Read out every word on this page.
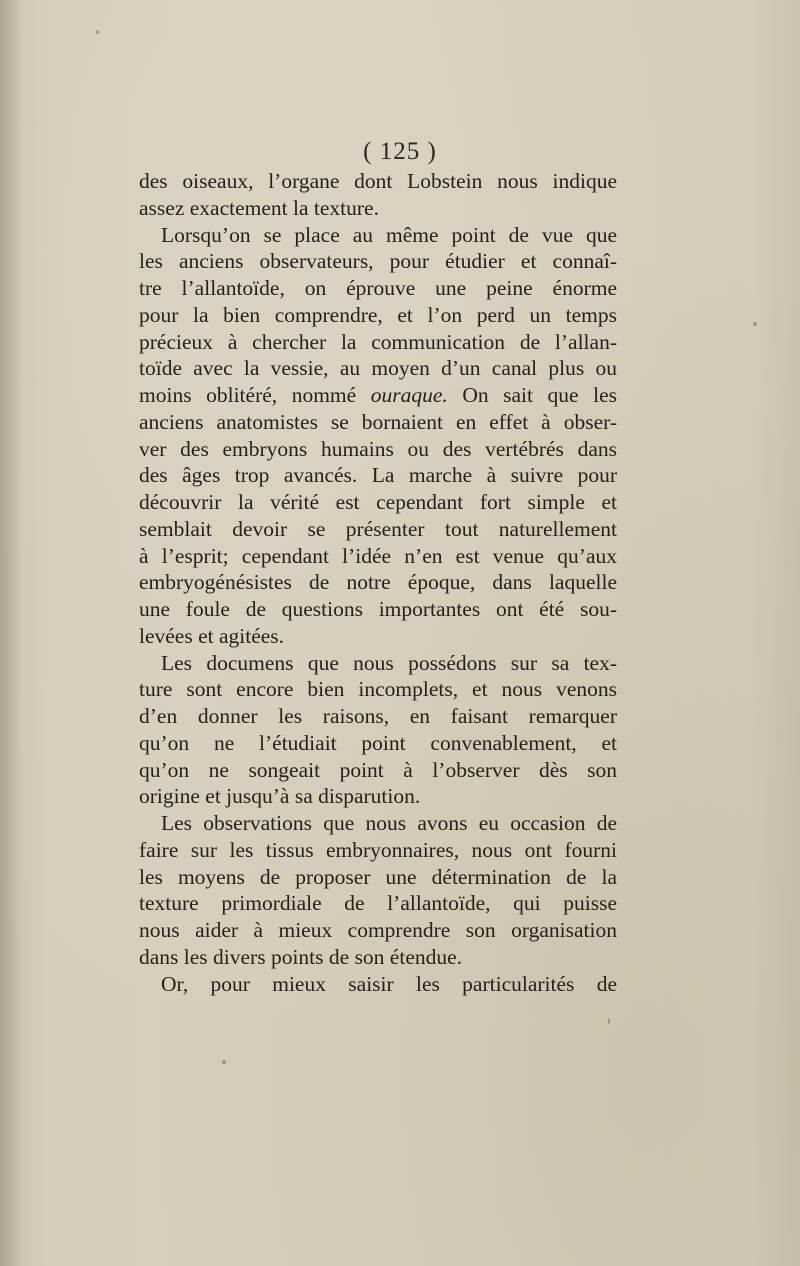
( 125 )
des oiseaux, l’organe dont Lobstein nous indique
assez exactement la texture.
Lorsqu’on se place au même point de vue que
les anciens observateurs, pour étudier et connaî-
tre l’allantoïde, on éprouve une peine énorme
pour la bien comprendre, et l’on perd un temps
précieux à chercher la communication de l’allan-
toïde avec la vessie, au moyen d’un canal plus ou
moins oblitéré, nommé ouraque. On sait que les
anciens anatomistes se bornaient en effet à obser-
ver des embryons humains ou des vertébrés dans
des âges trop avancés. La marche à suivre pour
découvrir la vérité est cependant fort simple et
semblait devoir se présenter tout naturellement
à l’esprit; cependant l’idée n’en est venue qu’aux
embryogénésistes de notre époque, dans laquelle
une foule de questions importantes ont été sou-
levées et agitées.
Les documens que nous possédons sur sa tex-
ture sont encore bien incomplets, et nous venons
d’en donner les raisons, en faisant remarquer
qu’on ne l’étudiait point convenablement, et
qu’on ne songeait point à l’observer dès son
origine et jusqu’à sa disparution.
Les observations que nous avons eu occasion de
faire sur les tissus embryonnaires, nous ont fourni
les moyens de proposer une détermination de la
texture primordiale de l’allantoïde, qui puisse
nous aider à mieux comprendre son organisation
dans les divers points de son étendue.
Or, pour mieux saisir les particularités de
